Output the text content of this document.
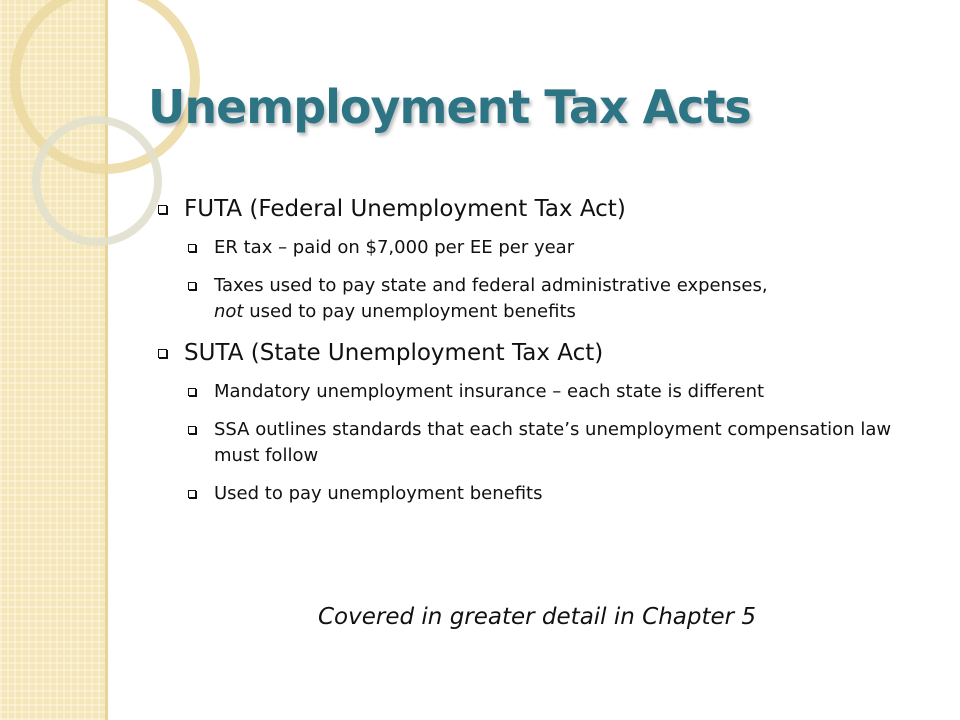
Unemployment Tax Acts
FUTA (Federal Unemployment Tax Act)
ER tax – paid on $7,000 per EE per year
Taxes used to pay state and federal administrative expenses,
not used to pay unemployment benefits
SUTA (State Unemployment Tax Act)
Mandatory unemployment insurance – each state is different
SSA outlines standards that each state’s unemployment compensation law must follow
Used to pay unemployment benefits
Covered in greater detail in Chapter 5
